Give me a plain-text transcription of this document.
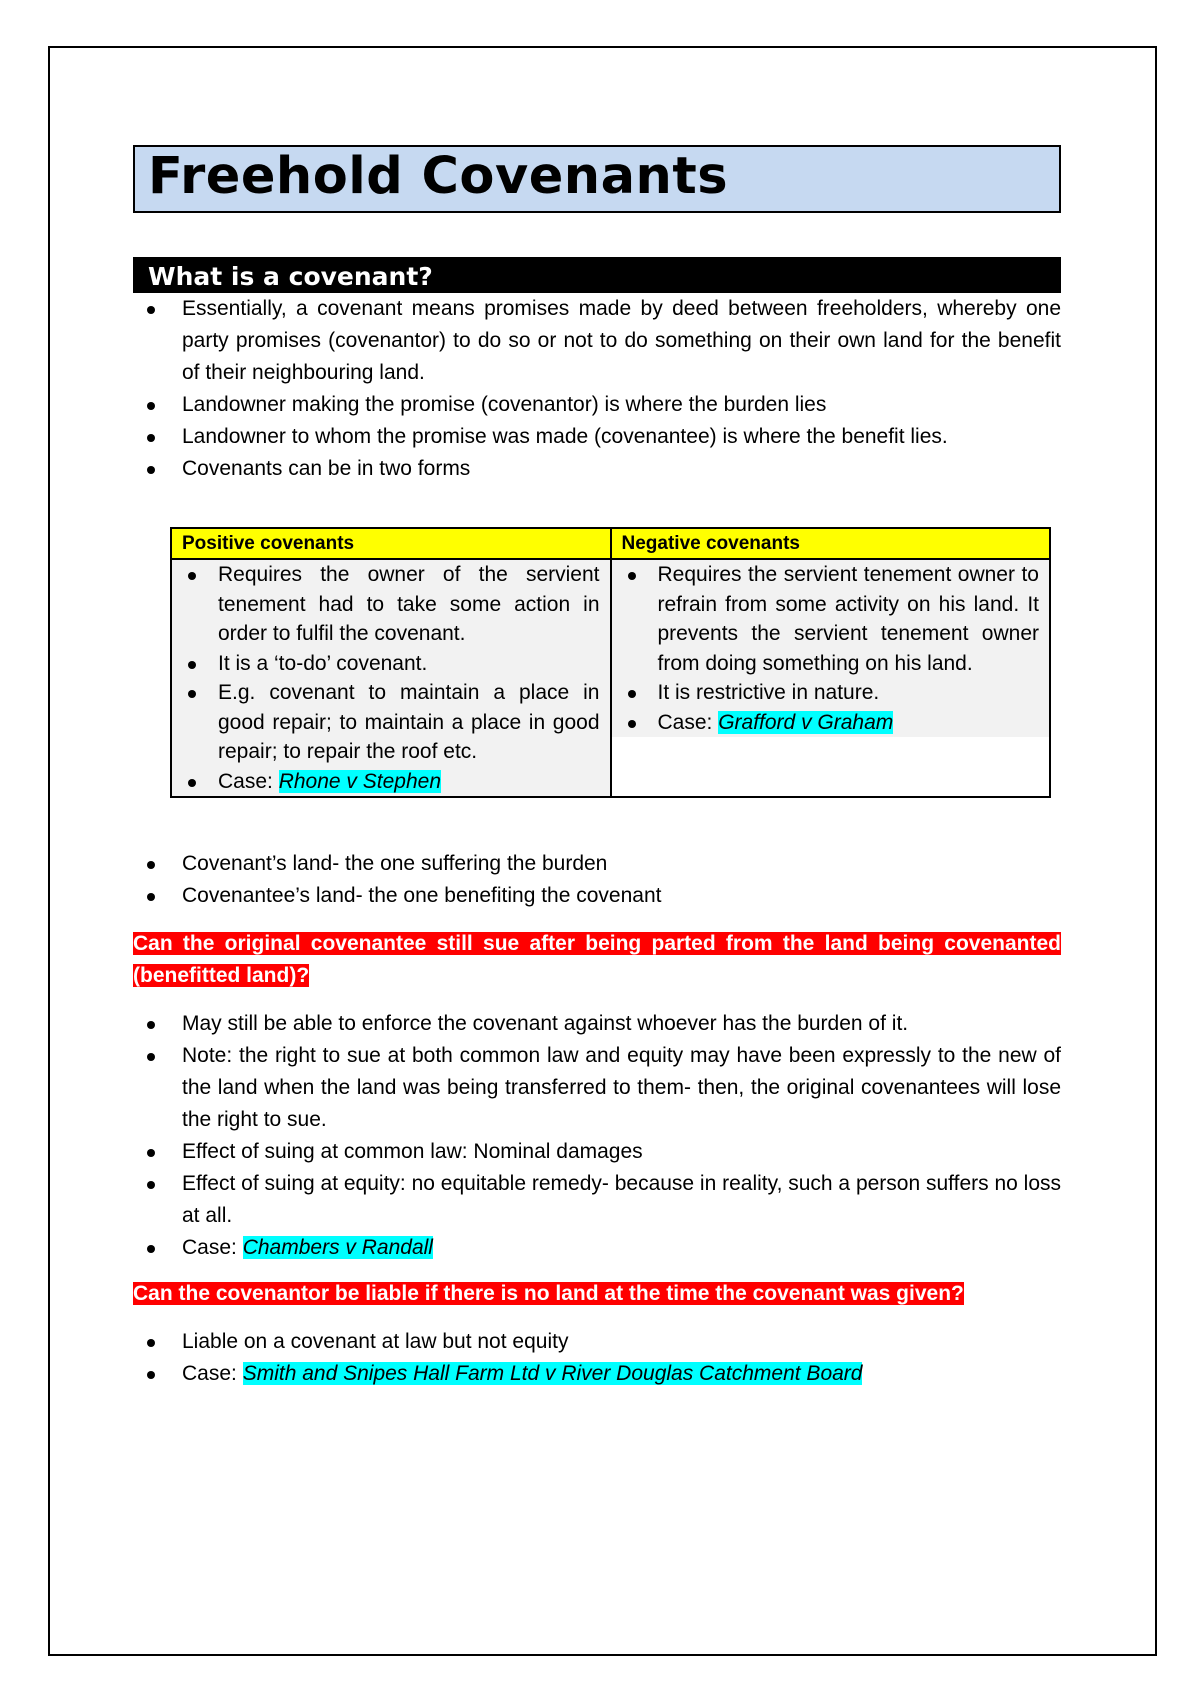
Freehold Covenants
What is a covenant?
Essentially, a covenant means promises made by deed between freeholders, whereby one party promises (covenantor) to do so or not to do something on their own land for the benefit of their neighbouring land.
Landowner making the promise (covenantor) is where the burden lies
Landowner to whom the promise was made (covenantee) is where the benefit lies.
Covenants can be in two forms
Positive covenants
Requires the owner of the servient tenement had to take some action in order to fulfil the covenant.
It is a ‘to-do’ covenant.
E.g. covenant to maintain a place in good repair; to maintain a place in good repair; to repair the roof etc.
Case: Rhone v Stephen
Negative covenants
Requires the servient tenement owner to refrain from some activity on his land. It prevents the servient tenement owner from doing something on his land.
It is restrictive in nature.
Case: Grafford v Graham
Covenant’s land- the one suffering the burden
Covenantee’s land- the one benefiting the covenant
Can the original covenantee still sue after being parted from the land being covenanted (benefitted land)?
May still be able to enforce the covenant against whoever has the burden of it.
Note: the right to sue at both common law and equity may have been expressly to the new of the land when the land was being transferred to them- then, the original covenantees will lose the right to sue.
Effect of suing at common law: Nominal damages
Effect of suing at equity: no equitable remedy- because in reality, such a person suffers no loss at all.
Case: Chambers v Randall
Can the covenantor be liable if there is no land at the time the covenant was given?
Liable on a covenant at law but not equity
Case: Smith and Snipes Hall Farm Ltd v River Douglas Catchment Board
